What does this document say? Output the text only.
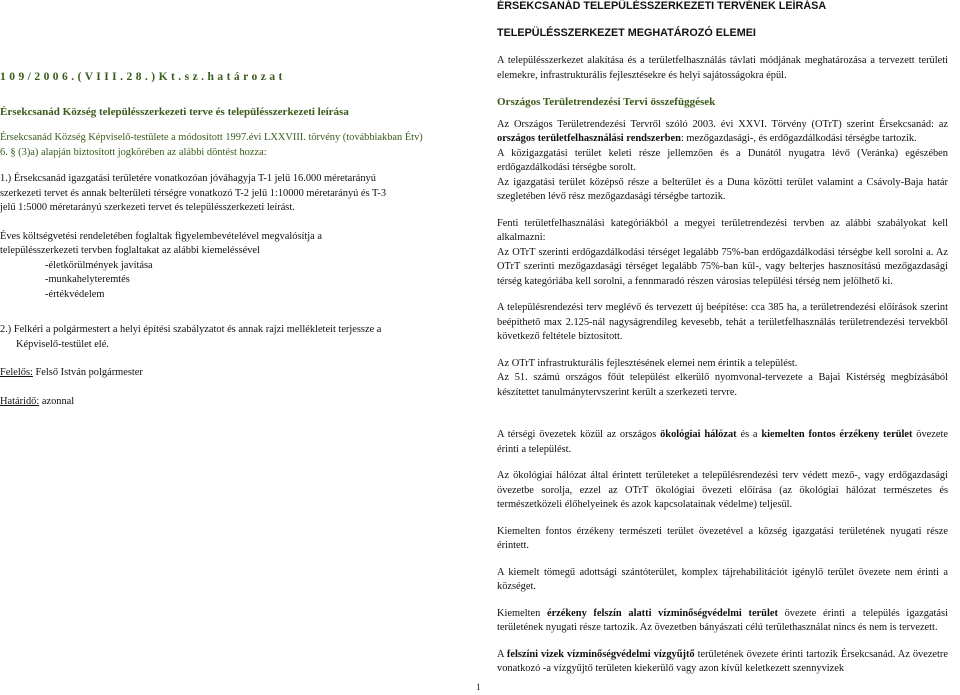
ÉRSEKCSANÁD TELEPÜLÉSSZERKEZETI TERVÉNEK LEÍRÁSA
TELEPÜLÉSSZERKEZET MEGHATÁROZÓ ELEMEI

1 0 9 / 2 0 0 6 . ( V I I I . 2 8 . ) K t . s z . h a t á r o z a t

Érsekcsanád Község településszerkezeti terve és településszerkezeti leírása

Érsekcsanád Község Képviselő-testülete a módosított 1997.évi LXXVIII. törvény (továbbiakban Étv)

6. § (3)a) alapján biztosított jogkörében az alábbi döntést hozza:

1.) Érsekcsanád igazgatási területére vonatkozóan jóváhagyja T-1 jelű 16.000 méretarányú

szerkezeti tervet és annak belterületi térségre vonatkozó T-2 jelű 1:10000 méretarányú és T-3

jelű 1:5000 méretarányú szerkezeti tervet és településszerkezeti leírást.

Éves költségvetési rendeletében foglaltak figyelembevételével megvalósítja a

településszerkezeti tervben foglaltakat az alábbi kiemeléssével

-életkörülmények javítása

-munkahelyteremtés

-értékvédelem

2.) Felkéri a polgármestert a helyi építési szabályzatot és annak rajzi mellékleteit terjessze a

Képviselő-testület elé.

Felelős: Felső István polgármester

Határidő: azonnal

A településszerkezet alakítása és a területfelhasználás távlati módjának meghatározása a tervezett területi elemekre, infrastrukturális fejlesztésekre és helyi sajátosságokra épül.

Országos Területrendezési Tervi összefüggések

Az Országos Területrendezési Tervről szóló 2003. évi XXVI. Törvény (OTrT) szerint Érsekcsanád: az országos területfelhasználási rendszerben: mezőgazdasági-, és erdőgazdálkodási térségbe tartozik.

A közigazgatási terület keleti része jellemzően és a Dunától nyugatra lévő (Veránka) egészében erdőgazdálkodási térségbe sorolt.

Az igazgatási terület középső része a belterület és a Duna közötti terület valamint a Csávoly-Baja határ szegletében lévő rész mezőgazdasági térségbe tartozik.

Fenti területfelhasználási kategóriákból a megyei területrendezési tervben az alábbi szabályokat kell alkalmazni:

Az OTrT szerinti erdőgazdálkodási térséget legalább 75%-ban erdőgazdálkodási térségbe kell sorolni a. Az OTrT szerinti mezőgazdasági térséget legalább 75%-ban kül-, vagy belterjes hasznosítású mezőgazdasági térség kategóriába kell sorolni, a fennmaradó részen városias települési térség nem jelölhető ki.

A településrendezési terv meglévő és tervezett új beépítése: cca 385 ha, a területrendezési előírások szerint beépíthető max 2.125-nál nagyságrendileg kevesebb, tehát a területfelhasználás területrendezési tervekből következő feltétele biztosított.

Az OTrT infrastrukturális fejlesztésének elemei nem érintik a települést.

Az 51. számú országos főút települést elkerülő nyomvonal-tervezete a Bajai Kistérség megbízásából készítettet tanulmánytervszerint került a szerkezeti tervre.

A térségi övezetek közül az országos ökológiai hálózat és a kiemelten fontos érzékeny terület övezete érinti a települést.

Az ökológiai hálózat által érintett területeket a településrendezési terv védett mező-, vagy erdőgazdasági övezetbe sorolja, ezzel az OTrT ökológiai övezeti előírása (az ökológiai hálózat természetes és természetközeli élőhelyeinek és azok kapcsolatainak védelme) teljesül.

Kiemelten fontos érzékeny természeti terület övezetével a község igazgatási területének nyugati része érintett.

A kiemelt tömegű adottsági szántóterület, komplex tájrehabilitációt igénylő terület övezete nem érinti a községet.

Kiemelten érzékeny felszín alatti vízminőségvédelmi terület övezete érinti a település igazgatási területének nyugati része tartozik. Az övezetben bányászati célú területhasználat nincs és nem is tervezett.

A felszíni vizek vízminőségvédelmi vízgyűjtő területének övezete érinti tartozik Érsekcsanád. Az övezetre vonatkozó -a vízgyűjtő területen kiekerülő vagy azon kívül keletkezett szennyvizek

1
